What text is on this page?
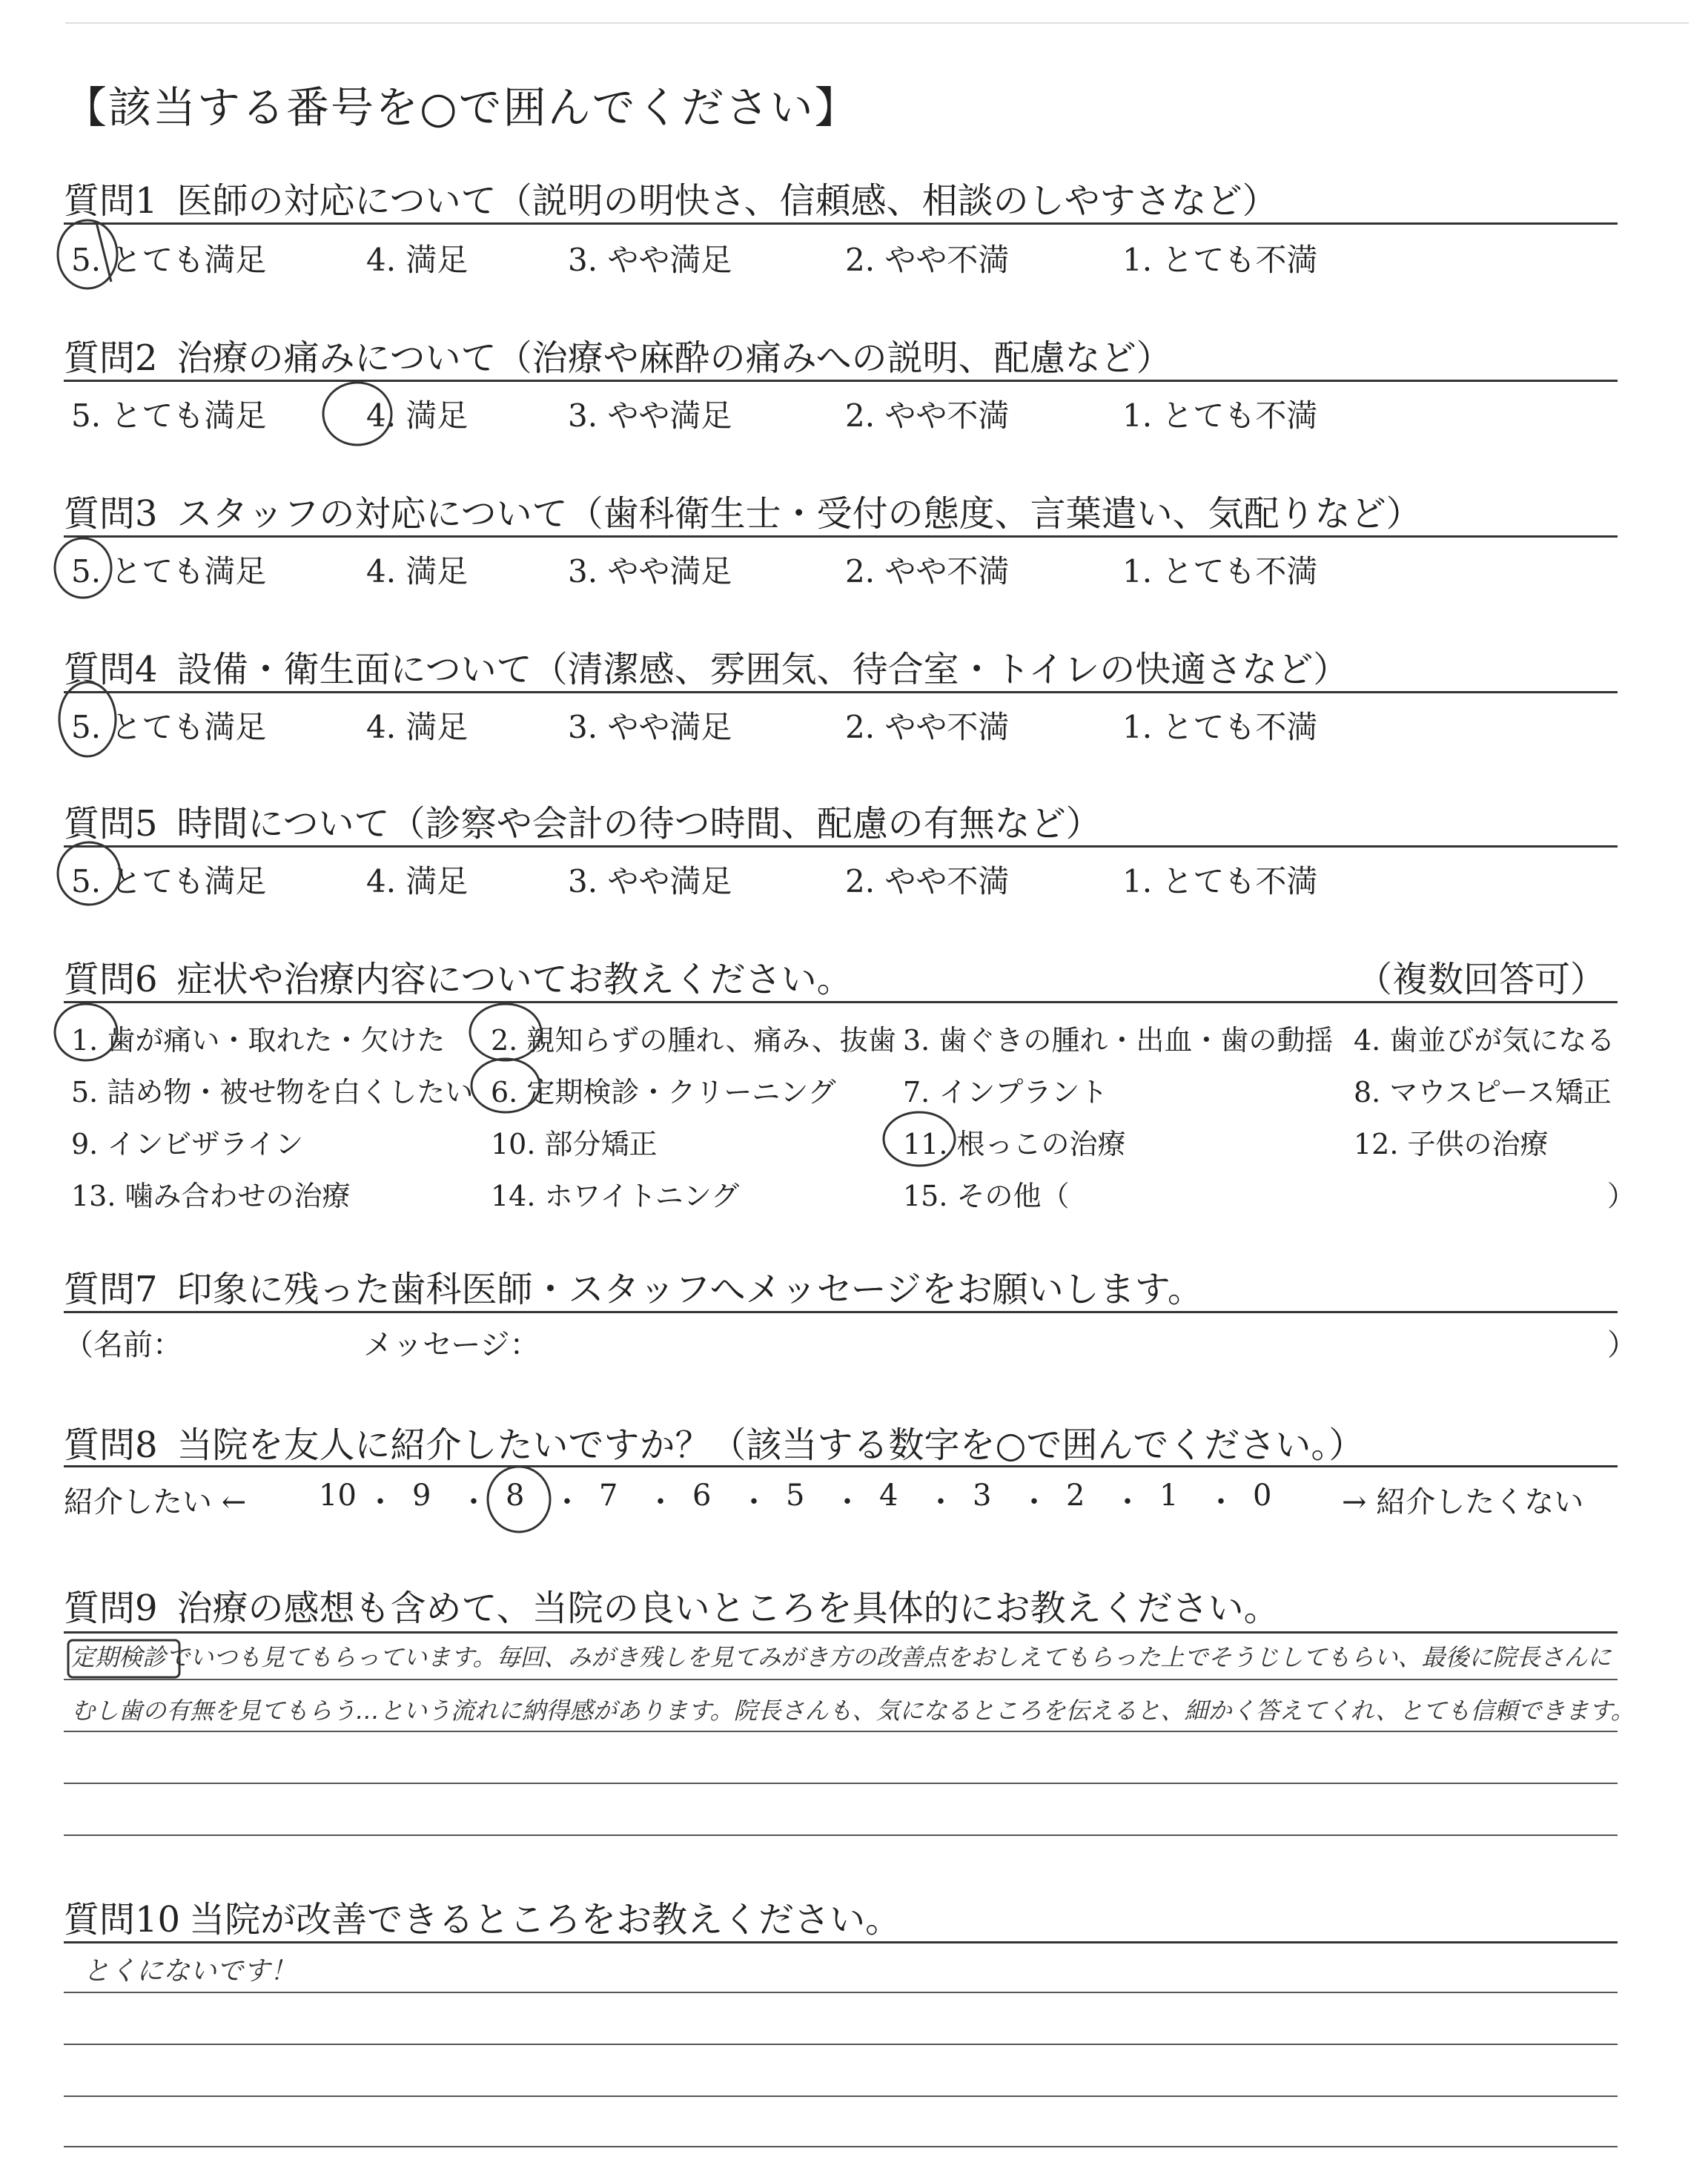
【該当する番号を○で囲んでください】
質問1 医師の対応について（説明の明快さ、信頼感、相談のしやすさなど）
5. とても満足	4. 満足	3. やや満足	2. やや不満	1. とても不満
質問2 治療の痛みについて（治療や麻酔の痛みへの説明、配慮など）
5. とても満足	4. 満足	3. やや満足	2. やや不満	1. とても不満
質問3 スタッフの対応について（歯科衛生士・受付の態度、言葉遣い、気配りなど）
5. とても満足	4. 満足	3. やや満足	2. やや不満	1. とても不満
質問4 設備・衛生面について（清潔感、雰囲気、待合室・トイレの快適さなど）
5. とても満足	4. 満足	3. やや満足	2. やや不満	1. とても不満
質問5 時間について（診察や会計の待つ時間、配慮の有無など）
5. とても満足	4. 満足	3. やや満足	2. やや不満	1. とても不満
質問6 症状や治療内容についてお教えください。	（複数回答可）
1. 歯が痛い・取れた・欠けた 2. 親知らずの腫れ、痛み、抜歯 3. 歯ぐきの腫れ・出血・歯の動揺 4. 歯並びが気になる
5. 詰め物・被せ物を白くしたい 6. 定期検診・クリーニング 7. インプラント	8. マウスピース矯正
9. インビザライン	10. 部分矯正	11. 根っこの治療	12. 子供の治療
13. 噛み合わせの治療	14. ホワイトニング	15. その他（	）
質問7 印象に残った歯科医師・スタッフへメッセージをお願いします。
（名前：	メッセージ：	）
質問8 当院を友人に紹介したいですか？（該当する数字を○で囲んでください。）
紹介したい ←	→ 紹介したくない
10 ・ 9 ・ 8 ・ 7 ・ 6 ・ 5 ・ 4 ・ 3 ・ 2 ・ 1 ・ 0
質問9 治療の感想も含めて、当院の良いところを具体的にお教えください。
定期検診でいつも見てもらっています。毎回、みがき残しを見てみがき方の改善点をおしえてもらった上でそうじしてもらい、最後に院長さんに
むし歯の有無を見てもらう…という流れに納得感があります。院長さんも、気になるところを伝えると、細かく答えてくれ、とても信頼できます。
質問10 当院が改善できるところをお教えください。
とくにないです！
